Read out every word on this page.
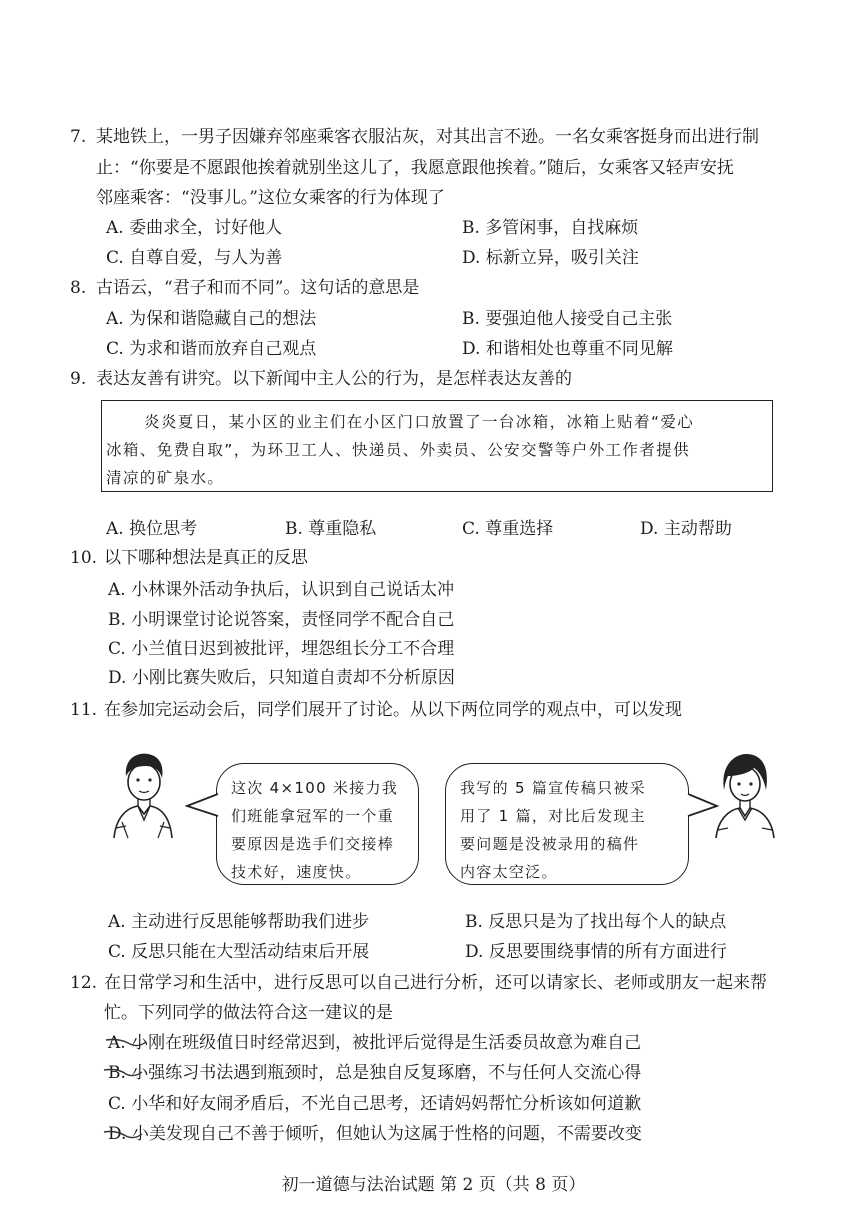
7. 某地铁上，一男子因嫌弃邻座乘客衣服沾灰，对其出言不逊。一名女乘客挺身而出进行制
止：“你要是不愿跟他挨着就别坐这儿了，我愿意跟他挨着。”随后，女乘客又轻声安抚
邻座乘客：“没事儿。”这位女乘客的行为体现了
A. 委曲求全，讨好他人	B. 多管闲事，自找麻烦
C. 自尊自爱，与人为善	D. 标新立异，吸引关注
8. 古语云，“君子和而不同”。这句话的意思是
A. 为保和谐隐藏自己的想法	B. 要强迫他人接受自己主张
C. 为求和谐而放弃自己观点	D. 和谐相处也尊重不同见解
9. 表达友善有讲究。以下新闻中主人公的行为，是怎样表达友善的
炎炎夏日，某小区的业主们在小区门口放置了一台冰箱，冰箱上贴着“爱心
冰箱、免费自取”，为环卫工人、快递员、外卖员、公安交警等户外工作者提供
清凉的矿泉水。
A. 换位思考	B. 尊重隐私	C. 尊重选择	D. 主动帮助
10. 以下哪种想法是真正的反思
A. 小林课外活动争执后，认识到自己说话太冲
B. 小明课堂讨论说答案，责怪同学不配合自己
C. 小兰值日迟到被批评，埋怨组长分工不合理
D. 小刚比赛失败后，只知道自责却不分析原因
11. 在参加完运动会后，同学们展开了讨论。从以下两位同学的观点中，可以发现
这次 4×100 米接力我
们班能拿冠军的一个重
要原因是选手们交接棒
技术好，速度快。
我写的 5 篇宣传稿只被采
用了 1 篇，对比后发现主
要问题是没被录用的稿件
内容太空泛。
A. 主动进行反思能够帮助我们进步	B. 反思只是为了找出每个人的缺点
C. 反思只能在大型活动结束后开展	D. 反思要围绕事情的所有方面进行
12. 在日常学习和生活中，进行反思可以自己进行分析，还可以请家长、老师或朋友一起来帮
忙。下列同学的做法符合这一建议的是
A. 小刚在班级值日时经常迟到，被批评后觉得是生活委员故意为难自己
B. 小强练习书法遇到瓶颈时，总是独自反复琢磨，不与任何人交流心得
C. 小华和好友闹矛盾后，不光自己思考，还请妈妈帮忙分析该如何道歉
D. 小美发现自己不善于倾听，但她认为这属于性格的问题，不需要改变
初一道德与法治试题 第 2 页（共 8 页）
